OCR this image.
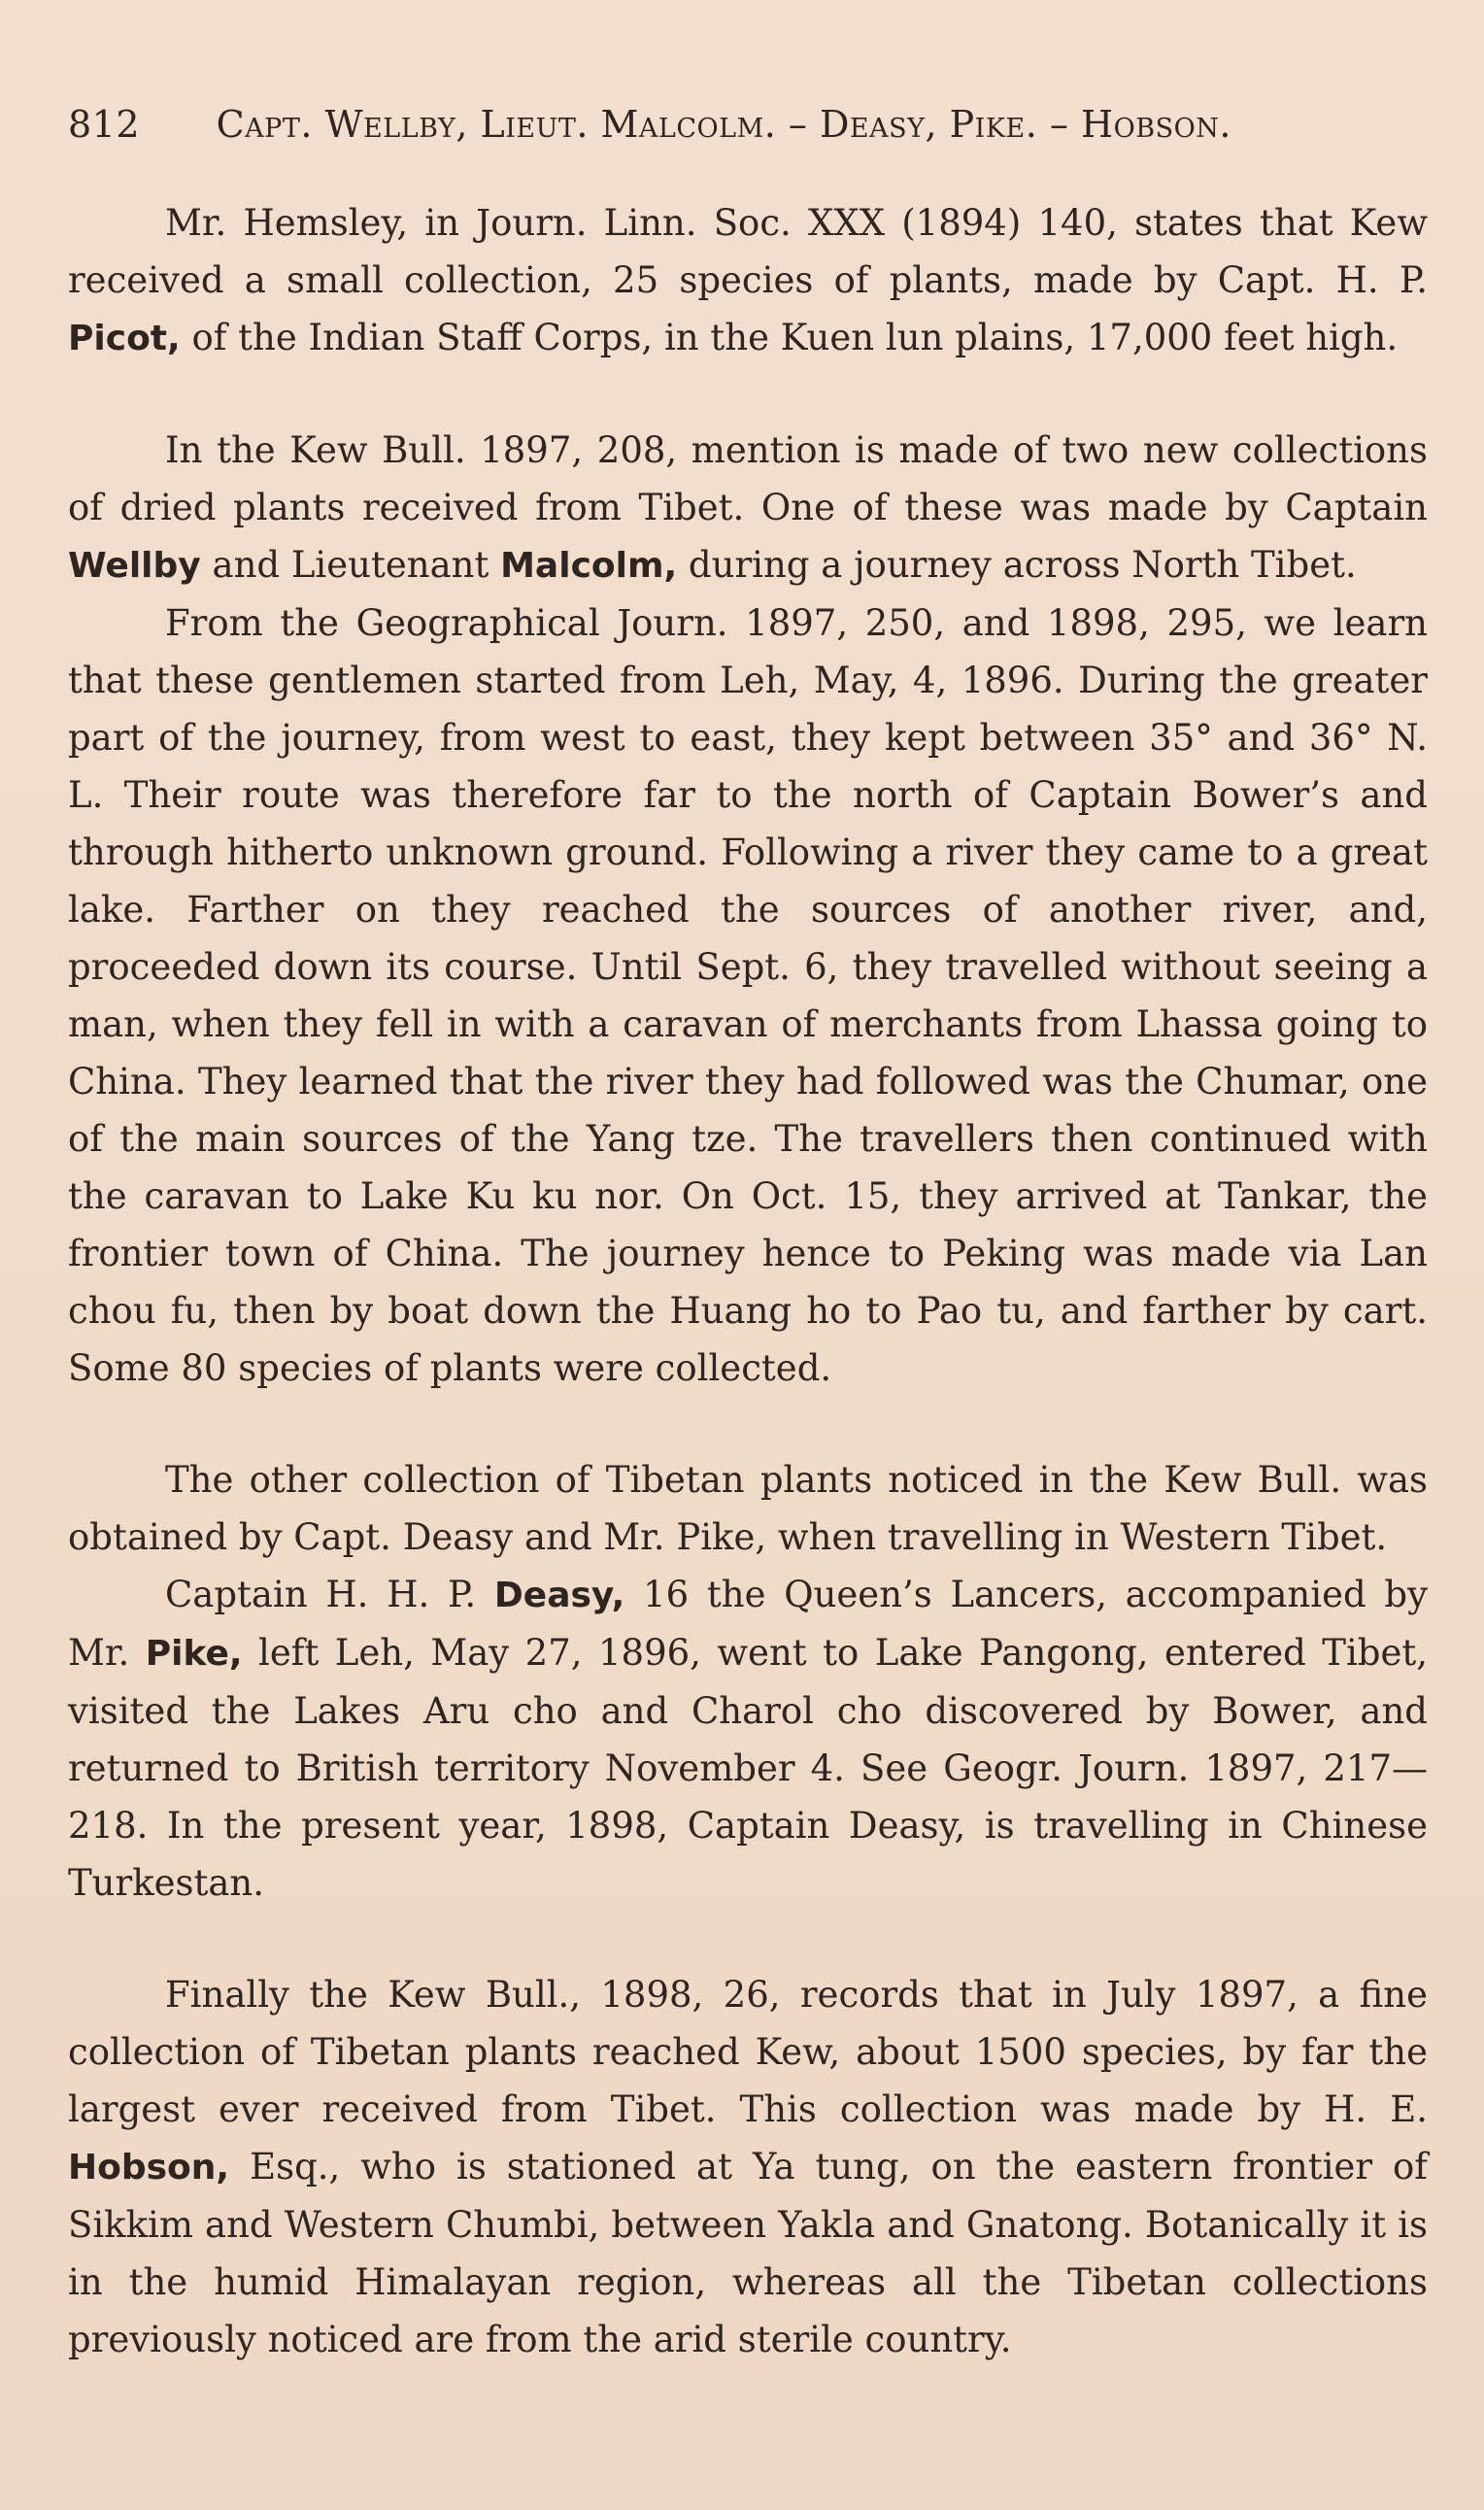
812 Capt. Wellby, Lieut. Malcolm. – Deasy, Pike. – Hobson.

Mr. Hemsley, in Journ. Linn. Soc. XXX (1894) 140, states that Kew received a small collection, 25 species of plants, made by Capt. H. P. Picot, of the Indian Staff Corps, in the Kuen lun plains, 17,000 feet high.

In the Kew Bull. 1897, 208, mention is made of two new collections of dried plants received from Tibet. One of these was made by Captain Wellby and Lieutenant Malcolm, during a journey across North Tibet.

From the Geographical Journ. 1897, 250, and 1898, 295, we learn that these gentlemen started from Leh, May, 4, 1896. During the greater part of the journey, from west to east, they kept between 35° and 36° N. L. Their route was therefore far to the north of Captain Bower’s and through hitherto unknown ground. Following a river they came to a great lake. Farther on they reached the sources of another river, and, proceeded down its course. Until Sept. 6, they travelled without seeing a man, when they fell in with a caravan of merchants from Lhassa going to China. They learned that the river they had followed was the Chumar, one of the main sources of the Yang tze. The travellers then continued with the caravan to Lake Ku ku nor. On Oct. 15, they arrived at Tankar, the frontier town of China. The journey hence to Peking was made via Lan chou fu, then by boat down the Huang ho to Pao tu, and farther by cart. Some 80 species of plants were collected.

The other collection of Tibetan plants noticed in the Kew Bull. was obtained by Capt. Deasy and Mr. Pike, when travelling in Western Tibet.

Captain H. H. P. Deasy, 16 the Queen’s Lancers, accompanied by Mr. Pike, left Leh, May 27, 1896, went to Lake Pangong, entered Tibet, visited the Lakes Aru cho and Charol cho discovered by Bower, and returned to British territory November 4. See Geogr. Journ. 1897, 217—218. In the present year, 1898, Captain Deasy, is travelling in Chinese Turkestan.

Finally the Kew Bull., 1898, 26, records that in July 1897, a fine collection of Tibetan plants reached Kew, about 1500 species, by far the largest ever received from Tibet. This collection was made by H. E. Hobson, Esq., who is stationed at Ya tung, on the eastern frontier of Sikkim and Western Chumbi, between Yakla and Gnatong. Botanically it is in the humid Himalayan region, whereas all the Tibetan collections previously noticed are from the arid sterile country.
